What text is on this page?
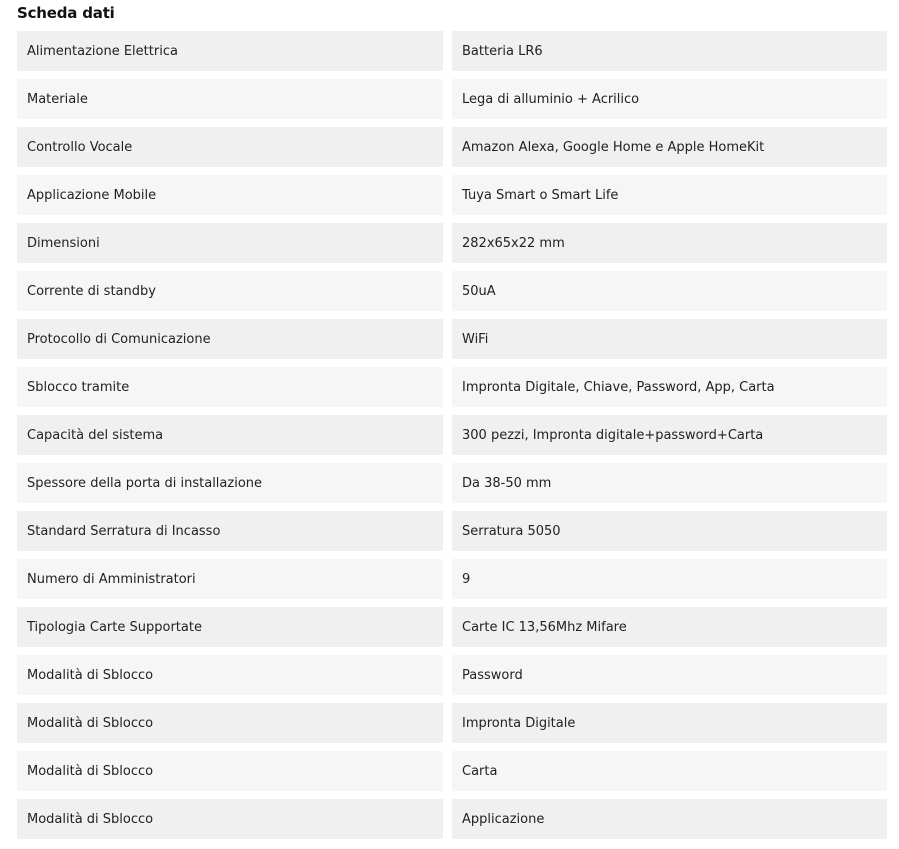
Scheda dati
Alimentazione Elettrica	Batteria LR6
Materiale	Lega di alluminio + Acrilico
Controllo Vocale	Amazon Alexa, Google Home e Apple HomeKit
Applicazione Mobile	Tuya Smart o Smart Life
Dimensioni	282x65x22 mm
Corrente di standby	50uA
Protocollo di Comunicazione	WiFi
Sblocco tramite	Impronta Digitale, Chiave, Password, App, Carta
Capacità del sistema	300 pezzi, Impronta digitale+password+Carta
Spessore della porta di installazione	Da 38-50 mm
Standard Serratura di Incasso	Serratura 5050
Numero di Amministratori	9
Tipologia Carte Supportate	Carte IC 13,56Mhz Mifare
Modalità di Sblocco	Password
Modalità di Sblocco	Impronta Digitale
Modalità di Sblocco	Carta
Modalità di Sblocco	Applicazione
